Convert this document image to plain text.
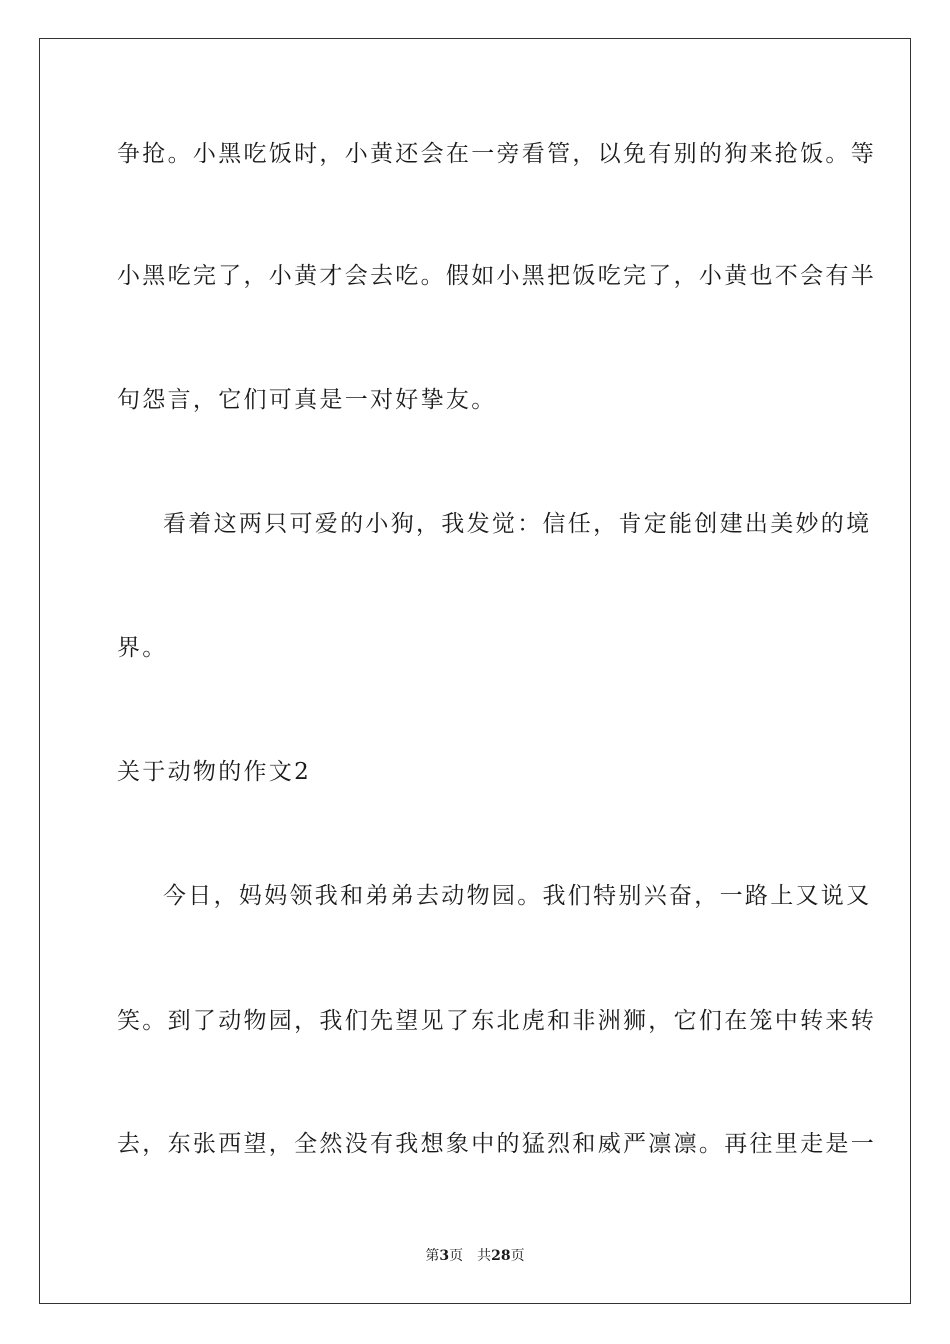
争抢。小黑吃饭时，小黄还会在一旁看管，以免有别的狗来抢饭。等
小黑吃完了，小黄才会去吃。假如小黑把饭吃完了，小黄也不会有半
句怨言，它们可真是一对好挚友。
看着这两只可爱的小狗，我发觉：信任，肯定能创建出美妙的境
界。
关于动物的作文2
今日，妈妈领我和弟弟去动物园。我们特别兴奋，一路上又说又
笑。到了动物园，我们先望见了东北虎和非洲狮，它们在笼中转来转
去，东张西望，全然没有我想象中的猛烈和威严凛凛。再往里走是一
第3页 共28页
